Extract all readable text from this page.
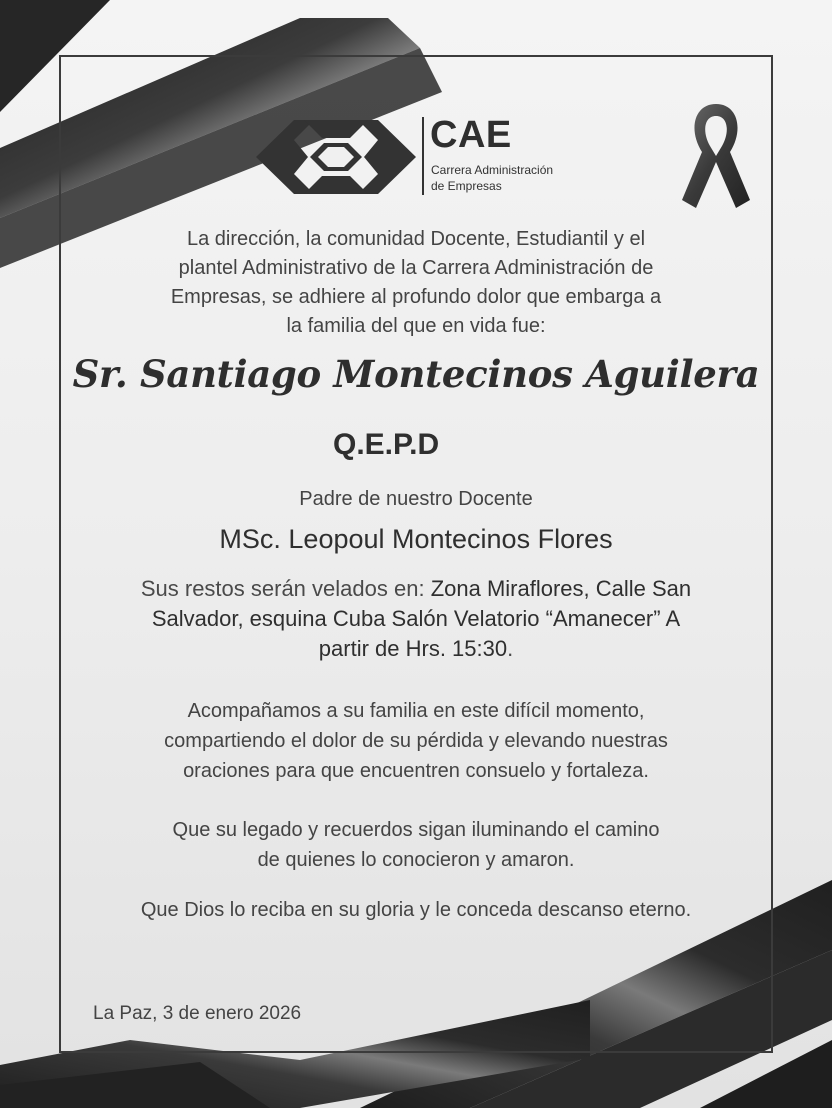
CAE
Carrera Administración
de Empresas

La dirección, la comunidad Docente, Estudiantil y el
plantel Administrativo de la Carrera Administración de
Empresas, se adhiere al profundo dolor que embarga a
la familia del que en vida fue:

Sr. Santiago Montecinos Aguilera

Q.E.P.D

Padre de nuestro Docente

MSc. Leopoul Montecinos Flores

Sus restos serán velados en: Zona Miraflores, Calle San
Salvador, esquina Cuba Salón Velatorio “Amanecer” A
partir de Hrs. 15:30.

Acompañamos a su familia en este difícil momento,
compartiendo el dolor de su pérdida y elevando nuestras
oraciones para que encuentren consuelo y fortaleza.

Que su legado y recuerdos sigan iluminando el camino
de quienes lo conocieron y amaron.

Que Dios lo reciba en su gloria y le conceda descanso eterno.

La Paz, 3 de enero 2026
